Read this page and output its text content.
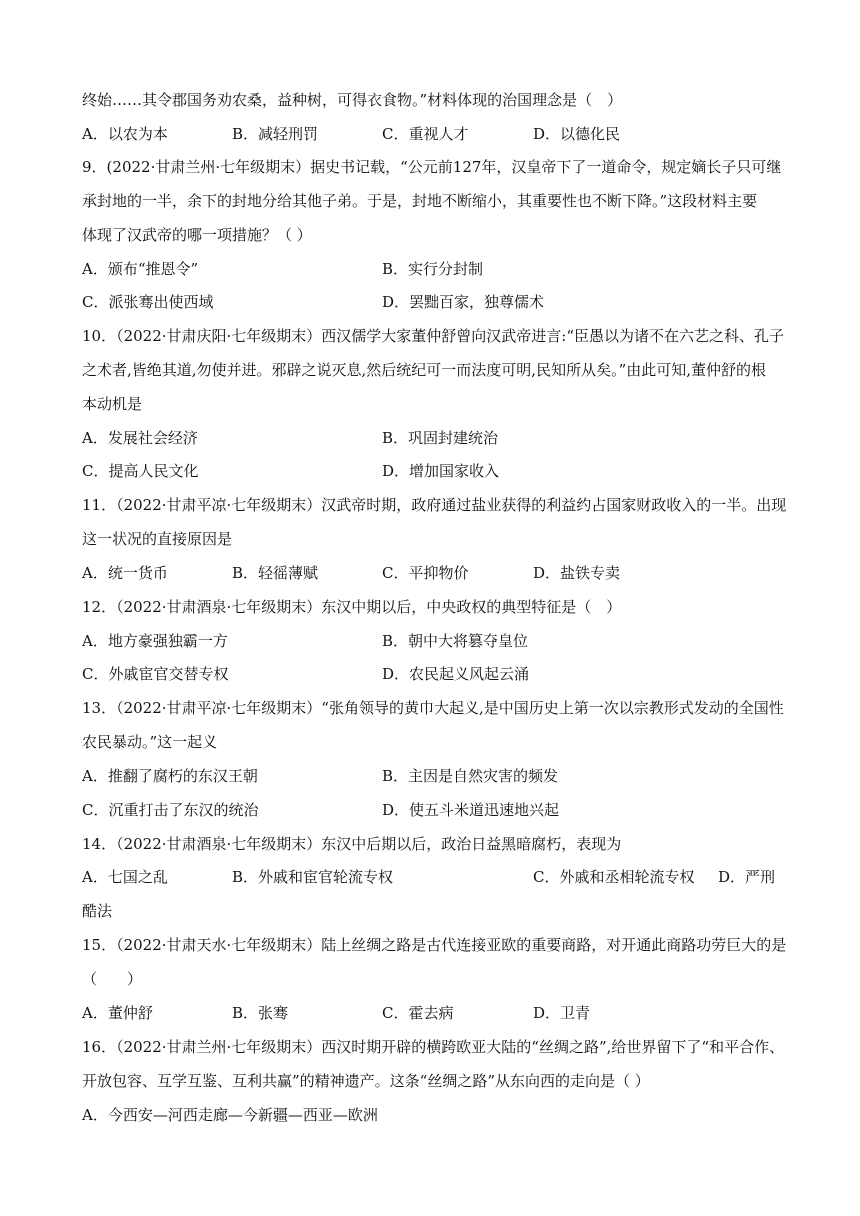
终始……其令郡国务劝农桑，益种树，可得衣食物。”材料体现的治国理念是（　）
A．以农为本	B．减轻刑罚	C．重视人才	D．以德化民
9．(2022·甘肃兰州·七年级期末）据史书记载，“公元前127年，汉皇帝下了一道命令，规定嫡长子只可继
承封地的一半，余下的封地分给其他子弟。于是，封地不断缩小，其重要性也不断下降。”这段材料主要
体现了汉武帝的哪一项措施？（ ）
A．颁布“推恩令”	B．实行分封制
C．派张骞出使西域	D．罢黜百家，独尊儒术
10．（2022·甘肃庆阳·七年级期末）西汉儒学大家董仲舒曾向汉武帝进言:“臣愚以为诸不在六艺之科、孔子
之术者,皆绝其道,勿使并进。邪辟之说灭息,然后统纪可一而法度可明,民知所从矣。”由此可知,董仲舒的根
本动机是
A．发展社会经济	B．巩固封建统治
C．提高人民文化	D．增加国家收入
11．（2022·甘肃平凉·七年级期末）汉武帝时期，政府通过盐业获得的利益约占国家财政收入的一半。出现
这一状况的直接原因是
A．统一货币	B．轻徭薄赋	C．平抑物价	D．盐铁专卖
12．（2022·甘肃酒泉·七年级期末）东汉中期以后，中央政权的典型特征是（　）
A．地方豪强独霸一方	B．朝中大将篡夺皇位
C．外戚宦官交替专权	D．农民起义风起云涌
13．（2022·甘肃平凉·七年级期末）“张角领导的黄巾大起义,是中国历史上第一次以宗教形式发动的全国性
农民暴动。”这一起义
A．推翻了腐朽的东汉王朝	B．主因是自然灾害的频发
C．沉重打击了东汉的统治	D．使五斗米道迅速地兴起
14．（2022·甘肃酒泉·七年级期末）东汉中后期以后，政治日益黑暗腐朽，表现为
A．七国之乱	B．外戚和宦官轮流专权	C．外戚和丞相轮流专权 D．严刑
酷法
15．（2022·甘肃天水·七年级期末）陆上丝绸之路是古代连接亚欧的重要商路，对开通此商路功劳巨大的是
（　　）
A．董仲舒	B．张骞	C．霍去病	D．卫青
16．（2022·甘肃兰州·七年级期末）西汉时期开辟的横跨欧亚大陆的“丝绸之路”,给世界留下了“和平合作、
开放包容、互学互鉴、互利共赢”的精神遗产。这条“丝绸之路”从东向西的走向是（ ）
A．今西安—河西走廊—今新疆—西亚—欧洲
